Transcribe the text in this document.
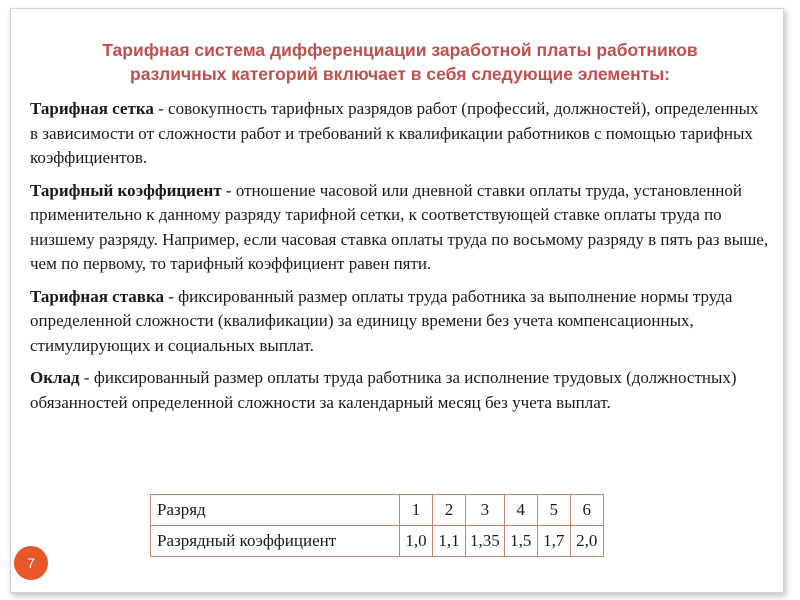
Тарифная система дифференциации заработной платы работников
различных категорий включает в себя следующие элементы:

Тарифная сетка - совокупность тарифных разрядов работ (профессий, должностей), определенных в зависимости от сложности работ и требований к квалификации работников с помощью тарифных коэффициентов.

Тарифный коэффициент - отношение часовой или дневной ставки оплаты труда, установленной применительно к данному разряду тарифной сетки, к соответствующей ставке оплаты труда по низшему разряду. Например, если часовая ставка оплаты труда по восьмому разряду в пять раз выше, чем по первому, то тарифный коэффициент равен пяти.

Тарифная ставка - фиксированный размер оплаты труда работника за выполнение нормы труда определенной сложности (квалификации) за единицу времени без учета компенсационных, стимулирующих и социальных выплат.

Оклад - фиксированный размер оплаты труда работника за исполнение трудовых (должностных) обязанностей определенной сложности за календарный месяц без учета выплат.

Разряд	1	2	3	4	5	6
Разрядный коэффициент	1,0	1,1	1,35	1,5	1,7	2,0
7
